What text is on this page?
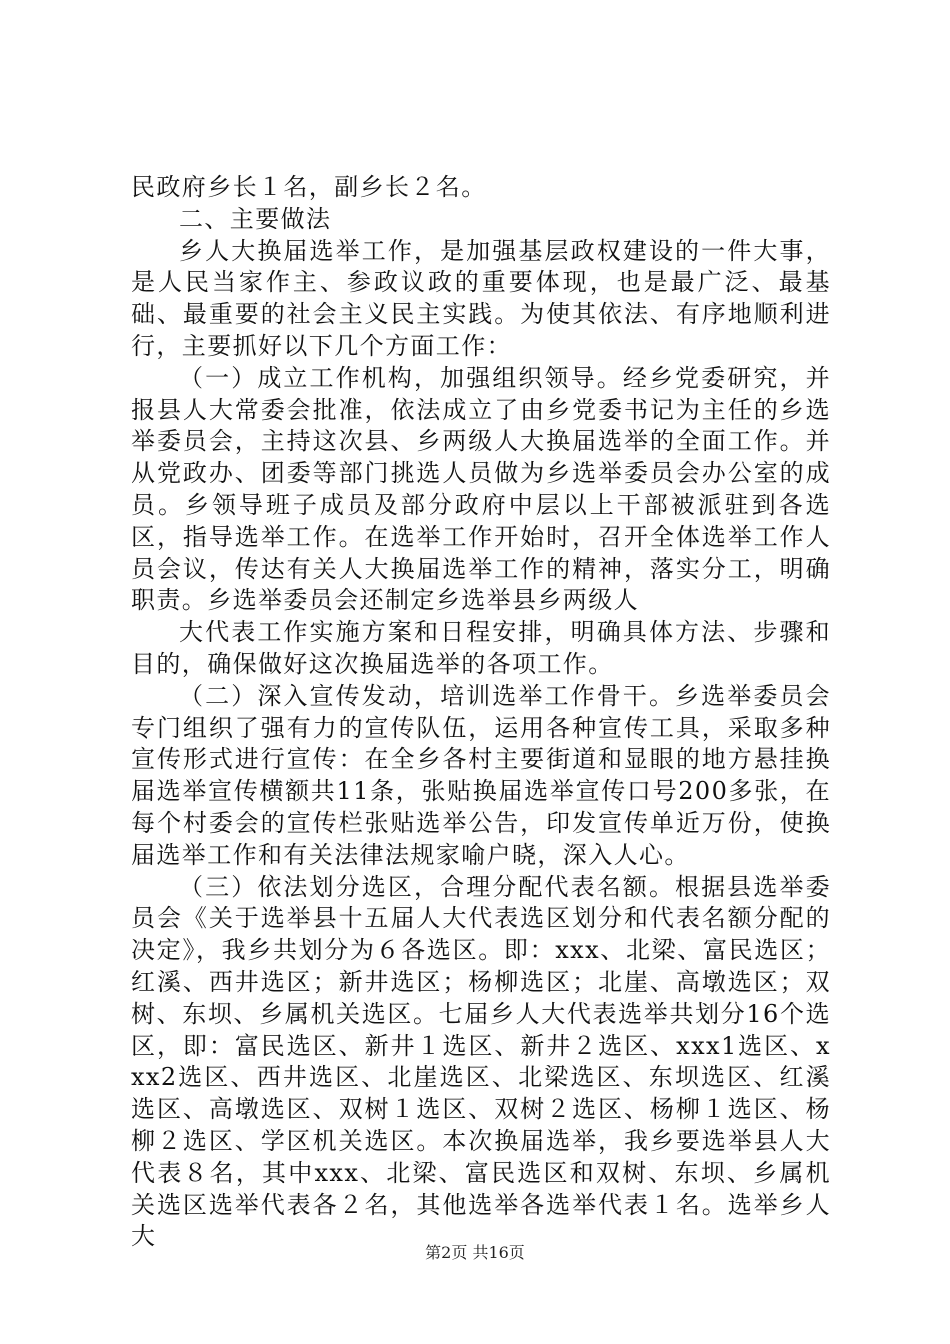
民政府乡长１名，副乡长２名。

二、主要做法

乡人大换届选举工作，是加强基层政权建设的一件大事，是人民当家作主、参政议政的重要体现，也是最广泛、最基础、最重要的社会主义民主实践。为使其依法、有序地顺利进行，主要抓好以下几个方面工作：

（一）成立工作机构，加强组织领导。经乡党委研究，并报县人大常委会批准，依法成立了由乡党委书记为主任的乡选举委员会，主持这次县、乡两级人大换届选举的全面工作。并从党政办、团委等部门挑选人员做为乡选举委员会办公室的成员。乡领导班子成员及部分政府中层以上干部被派驻到各选区，指导选举工作。在选举工作开始时，召开全体选举工作人员会议，传达有关人大换届选举工作的精神，落实分工，明确职责。乡选举委员会还制定乡选举县乡两级人

大代表工作实施方案和日程安排，明确具体方法、步骤和目的，确保做好这次换届选举的各项工作。

（二）深入宣传发动，培训选举工作骨干。乡选举委员会专门组织了强有力的宣传队伍，运用各种宣传工具，采取多种宣传形式进行宣传：在全乡各村主要街道和显眼的地方悬挂换届选举宣传横额共11条，张贴换届选举宣传口号200多张，在每个村委会的宣传栏张贴选举公告，印发宣传单近万份，使换届选举工作和有关法律法规家喻户晓，深入人心。

（三）依法划分选区，合理分配代表名额。根据县选举委员会《关于选举县十五届人大代表选区划分和代表名额分配的决定》，我乡共划分为６各选区。即：xxx、北梁、富民选区；红溪、西井选区；新井选区；杨柳选区；北崖、高墩选区；双树、东坝、乡属机关选区。七届乡人大代表选举共划分16个选区，即：富民选区、新井１选区、新井２选区、xxx1选区、xxx2选区、西井选区、北崖选区、北梁选区、东坝选区、红溪选区、高墩选区、双树１选区、双树２选区、杨柳１选区、杨柳２选区、学区机关选区。本次换届选举，我乡要选举县人大代表８名，其中xxx、北梁、富民选区和双树、东坝、乡属机关选区选举代表各２名，其他选举各选举代表１名。选举乡人大

第2页 共16页
